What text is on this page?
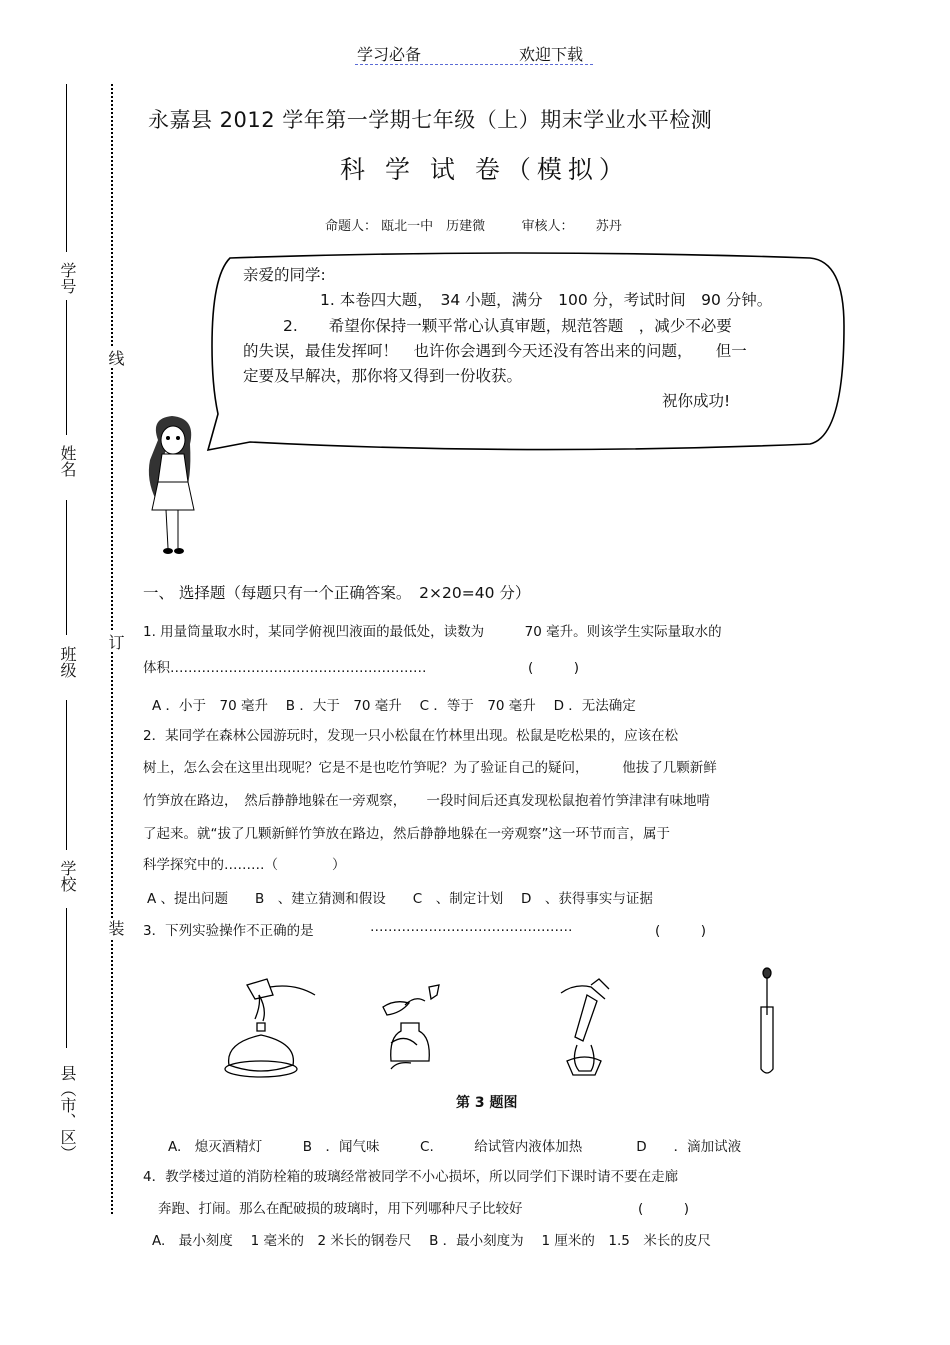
学习必备	欢迎下载
学号
姓名
班级
学校
县（市、区）
线
订
装
永嘉县 2012 学年第一学期七年级（上）期末学业水平检测
科 学 试 卷（模拟）
命题人： 瓯北一中　历建微	审核人： 苏丹
亲爱的同学:
1. 本卷四大题，　34 小题，满分　100 分，考试时间　90 分钟。
2.　　希望你保持一颗平常心认真审题，规范答题　，减少不必要
的失误，最佳发挥呵！　也许你会遇到今天还没有答出来的问题，　　但一
定要及早解决，那你将又得到一份收获。
祝你成功!
一、 选择题（每题只有一个正确答案。　2×20=40 分）
1. 用量筒量取水时，某同学俯视凹液面的最低处，读数为　　　70 毫升。则该学生实际量取水的
体积…………………………………………………	(　　　)
A ．小于　70 毫升　 B ．大于　70 毫升　 C ．等于　70 毫升　 D ．无法确定
2．某同学在森林公园游玩时，发现一只小松鼠在竹林里出现。松鼠是吃松果的，应该在松
树上，怎么会在这里出现呢？它是不是也吃竹笋呢？为了验证自己的疑问，　　　他拔了几颗新鲜
竹笋放在路边，　然后静静地躲在一旁观察，　　一段时间后还真发现松鼠抱着竹笋津津有味地啃
了起来。就“拔了几颗新鲜竹笋放在路边，然后静静地躲在一旁观察”这一环节而言，属于
科学探究中的………（　　　　）
A 、提出问题　　B　、建立猜测和假设　　C　、制定计划　 D　、获得事实与证据
3．下列实验操作不正确的是	………………………………………	(　　　)
第 3 题图
A.　熄灭酒精灯　　　B　．闻气味　　　C.　　　给试管内液体加热　　　　D　　．滴加试液
4．教学楼过道的消防栓箱的玻璃经常被同学不小心损坏，所以同学们下课时请不要在走廊
奔跑、打闹。那么在配破损的玻璃时，用下列哪种尺子比较好	(　　　)
A.　最小刻度　 1 毫米的　2 米长的钢卷尺　 B ．最小刻度为　 1 厘米的　1.5　米长的皮尺
